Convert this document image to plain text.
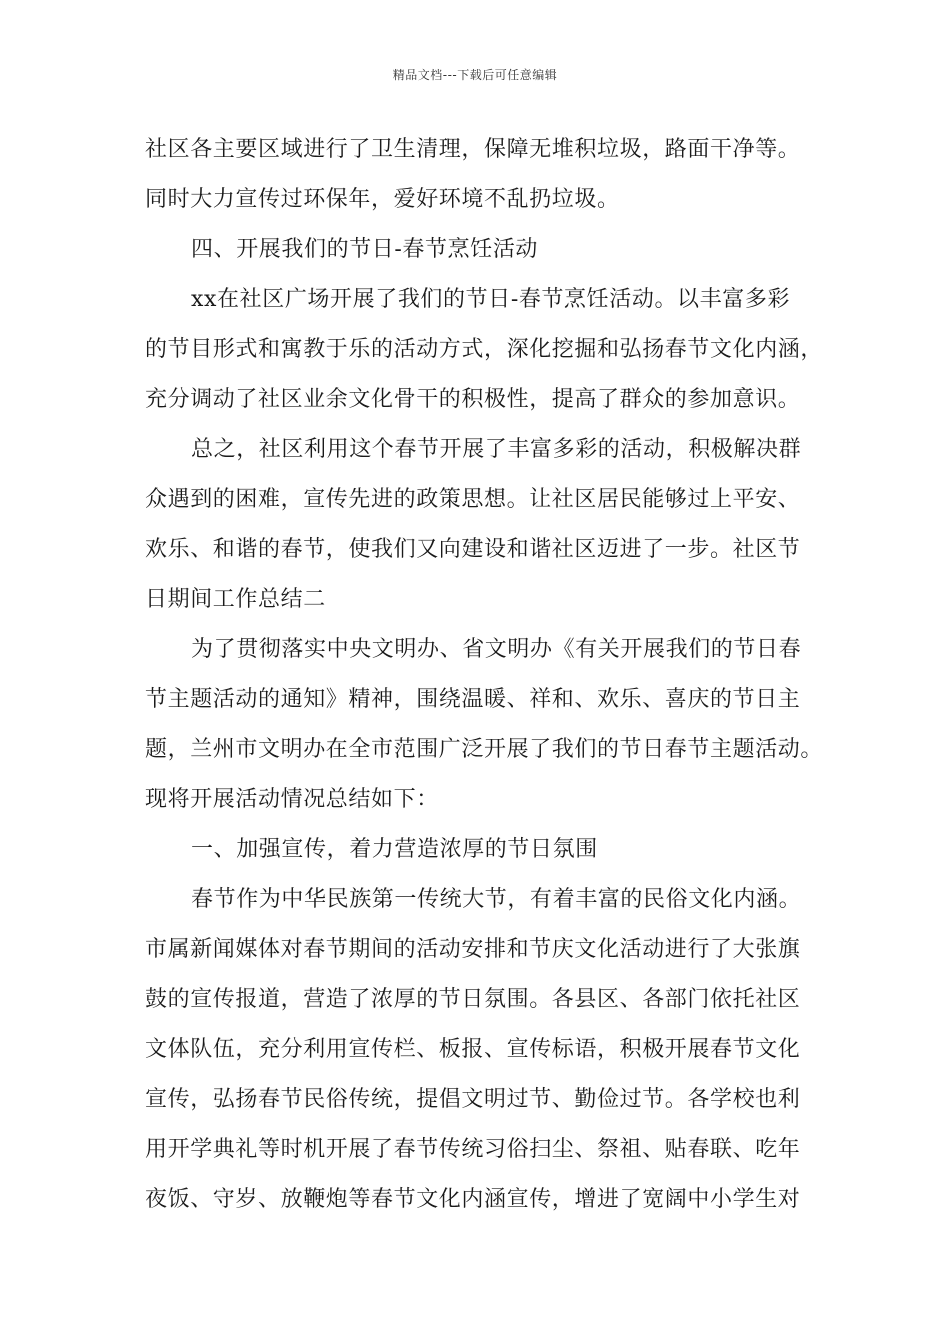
精品文档---下载后可任意编辑
社区各主要区域进行了卫生清理，保障无堆积垃圾，路面干净等。
同时大力宣传过环保年，爱好环境不乱扔垃圾。
四、开展我们的节日-春节烹饪活动
xx在社区广场开展了我们的节日-春节烹饪活动。以丰富多彩
的节目形式和寓教于乐的活动方式，深化挖掘和弘扬春节文化内涵，
充分调动了社区业余文化骨干的积极性，提高了群众的参加意识。
总之，社区利用这个春节开展了丰富多彩的活动，积极解决群
众遇到的困难，宣传先进的政策思想。让社区居民能够过上平安、
欢乐、和谐的春节，使我们又向建设和谐社区迈进了一步。社区节
日期间工作总结二
为了贯彻落实中央文明办、省文明办《有关开展我们的节日春
节主题活动的通知》精神，围绕温暖、祥和、欢乐、喜庆的节日主
题，兰州市文明办在全市范围广泛开展了我们的节日春节主题活动。
现将开展活动情况总结如下：
一、加强宣传，着力营造浓厚的节日氛围
春节作为中华民族第一传统大节，有着丰富的民俗文化内涵。
市属新闻媒体对春节期间的活动安排和节庆文化活动进行了大张旗
鼓的宣传报道，营造了浓厚的节日氛围。各县区、各部门依托社区
文体队伍，充分利用宣传栏、板报、宣传标语，积极开展春节文化
宣传，弘扬春节民俗传统，提倡文明过节、勤俭过节。各学校也利
用开学典礼等时机开展了春节传统习俗扫尘、祭祖、贴春联、吃年
夜饭、守岁、放鞭炮等春节文化内涵宣传，增进了宽阔中小学生对
